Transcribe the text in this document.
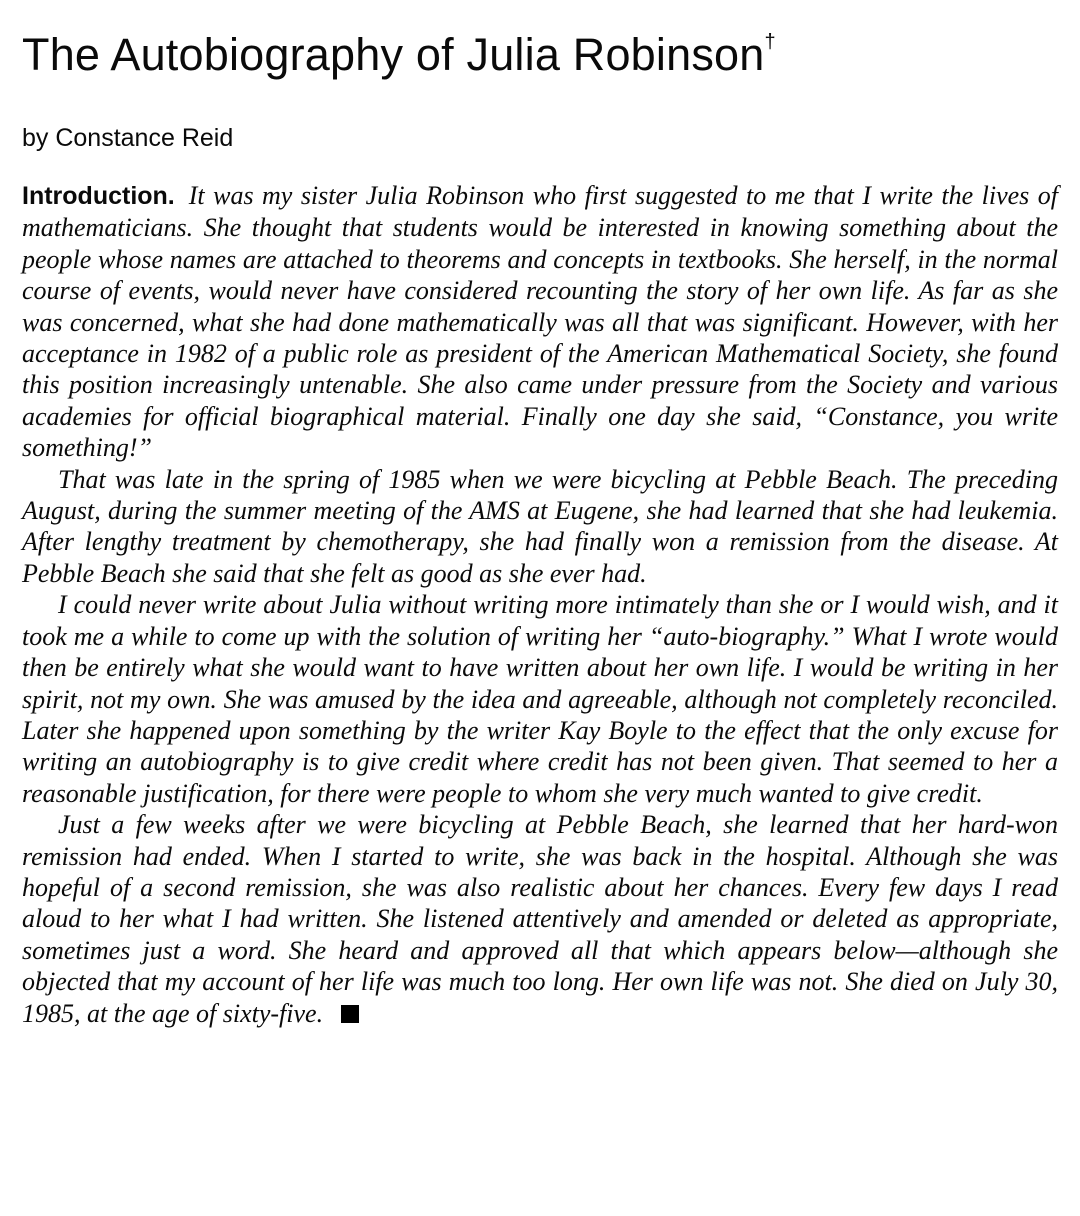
The Autobiography of Julia Robinson†
by Constance Reid

Introduction. It was my sister Julia Robinson who first suggested to me that I write the lives of mathematicians. She thought that students would be interested in knowing something about the people whose names are attached to theorems and concepts in textbooks. She herself, in the normal course of events, would never have considered recounting the story of her own life. As far as she was concerned, what she had done mathematically was all that was significant. However, with her acceptance in 1982 of a public role as president of the American Mathematical Society, she found this position increasingly untenable. She also came under pressure from the Society and various academies for official biographical material. Finally one day she said, “Constance, you write something!”

That was late in the spring of 1985 when we were bicycling at Pebble Beach. The preceding August, during the summer meeting of the AMS at Eugene, she had learned that she had leukemia. After lengthy treatment by chemotherapy, she had finally won a remission from the disease. At Pebble Beach she said that she felt as good as she ever had.

I could never write about Julia without writing more intimately than she or I would wish, and it took me a while to come up with the solution of writing her “auto-biography.” What I wrote would then be entirely what she would want to have written about her own life. I would be writing in her spirit, not my own. She was amused by the idea and agreeable, although not completely reconciled. Later she happened upon something by the writer Kay Boyle to the effect that the only excuse for writing an autobiography is to give credit where credit has not been given. That seemed to her a reasonable justification, for there were people to whom she very much wanted to give credit.

Just a few weeks after we were bicycling at Pebble Beach, she learned that her hard-won remission had ended. When I started to write, she was back in the hospital. Although she was hopeful of a second remission, she was also realistic about her chances. Every few days I read aloud to her what I had written. She listened attentively and amended or deleted as appropriate, sometimes just a word. She heard and approved all that which appears below—although she objected that my account of her life was much too long. Her own life was not. She died on July 30, 1985, at the age of sixty-five.
